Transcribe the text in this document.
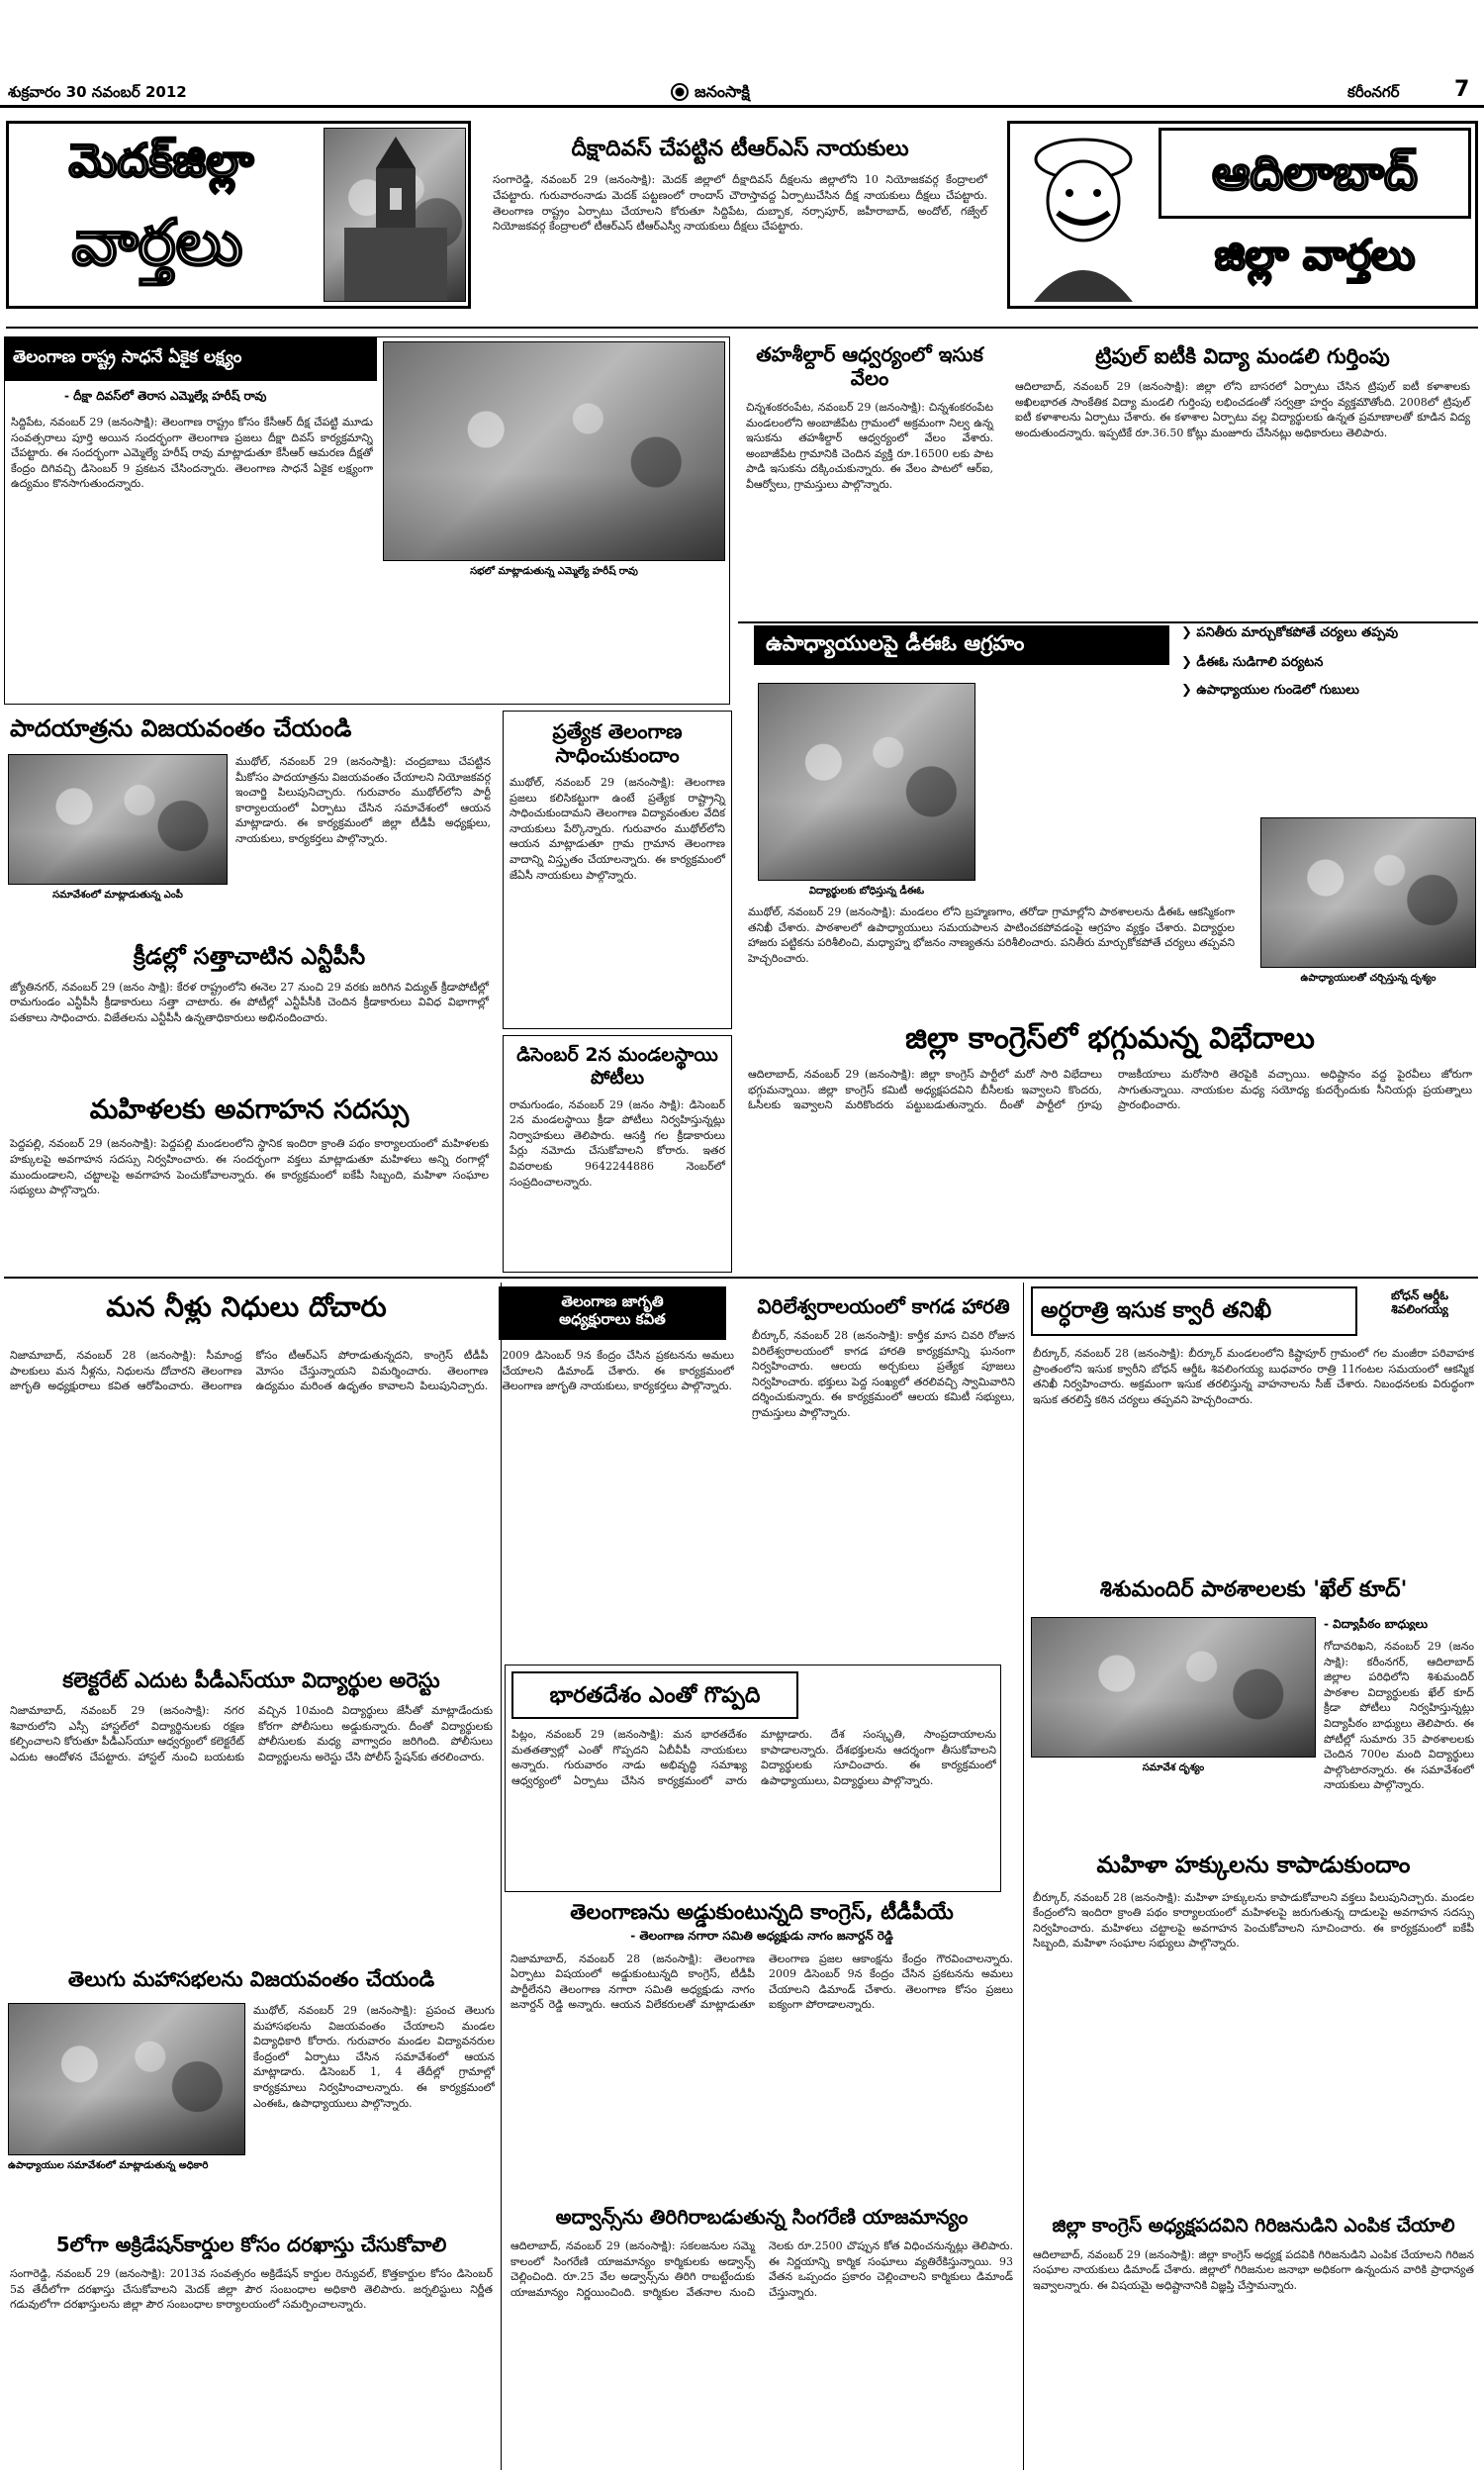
శుక్రవారం 30 నవంబర్ 2012	జనంసాక్షి	కరీంనగర్	7
మెదక్‌జిల్లా
వార్తలు
దీక్షాదివస్ చేపట్టిన టీఆర్ఎస్ నాయకులు
సంగారెడ్డి, నవంబర్ 29 (జనంసాక్షి): మెదక్ జిల్లాలో దీక్షాదివస్ దీక్షలను జిల్లాలోని 10 నియోజకవర్గ కేంద్రాలలో చేపట్టారు. గురువారంనాడు మెదక్ పట్టణంలో రాందాస్ చౌరాస్తావద్ద ఏర్పాటుచేసిన దీక్ష నాయకులు దీక్షలు చేపట్టారు. తెలంగాణ రాష్ట్రం ఏర్పాటు చేయాలని కోరుతూ సిద్దిపేట, దుబ్బాక, నర్సాపూర్, జహీరాబాద్, అందోల్, గజ్వేల్ నియోజకవర్గ కేంద్రాలలో టీఆర్ఎస్ టీఆర్ఎస్వీ నాయకులు దీక్షలు చేపట్టారు.
ఆదిలాబాద్
జిల్లా వార్తలు
తెలంగాణ రాష్ట్ర సాధనే ఏకైక లక్ష్యం
- దీక్షా దివస్‌లో తెరాస ఎమ్మెల్యే హరీష్ రావు
సిద్దిపేట, నవంబర్ 29 (జనంసాక్షి): తెలంగాణ రాష్ట్రం కోసం కేసీఆర్ దీక్ష చేపట్టి మూడు సంవత్సరాలు పూర్తి అయిన సందర్భంగా తెలంగాణ ప్రజలు దీక్షా దివస్ కార్యక్రమాన్ని చేపట్టారు. ఈ సందర్భంగా ఎమ్మెల్యే హరీష్ రావు మాట్లాడుతూ కేసీఆర్ ఆమరణ దీక్షతో కేంద్రం దిగివచ్చి డిసెంబర్ 9 ప్రకటన చేసిందన్నారు. తెలంగాణ సాధనే ఏకైక లక్ష్యంగా ఉద్యమం కొనసాగుతుందన్నారు.
సభలో మాట్లాడుతున్న ఎమ్మెల్యే హరీష్ రావు
తహశీల్దార్ ఆధ్వర్యంలో ఇసుక వేలం
చిన్నశంకరంపేట, నవంబర్ 29 (జనంసాక్షి): చిన్నశంకరంపేట మండలంలోని అంబాజీపేట గ్రామంలో అక్రమంగా నిల్వ ఉన్న ఇసుకను తహశీల్దార్ ఆధ్వర్యంలో వేలం వేశారు. అంబాజీపేట గ్రామానికి చెందిన వ్యక్తి రూ.16500 లకు పాట పాడి ఇసుకను దక్కించుకున్నారు. ఈ వేలం పాటలో ఆర్ఐ, వీఆర్వోలు, గ్రామస్తులు పాల్గొన్నారు.
ట్రిపుల్ ఐటీకి విద్యా మండలి గుర్తింపు
ఆదిలాబాద్, నవంబర్ 29 (జనంసాక్షి): జిల్లా లోని బాసరలో ఏర్పాటు చేసిన ట్రిపుల్ ఐటీ కళాశాలకు అఖిలభారత సాంకేతిక విద్యా మండలి గుర్తింపు లభించడంతో సర్వత్రా హర్షం వ్యక్తమౌతోంది. 2008లో ట్రిపుల్ ఐటీ కళాశాలను ఏర్పాటు చేశారు. ఈ కళాశాల ఏర్పాటు వల్ల విద్యార్థులకు ఉన్నత ప్రమాణాలతో కూడిన విద్య అందుతుందన్నారు. ఇప్పటికే రూ.36.50 కోట్లు మంజూరు చేసినట్లు అధికారులు తెలిపారు.
ఉపాధ్యాయులపై డీఈఓ ఆగ్రహం	❯ పనితీరు మార్చుకోకపోతే చర్యలు తప్పవు
❯ డీఈఓ సుడిగాలి పర్యటన
❯ ఉపాధ్యాయుల గుండెలో గుబులు
విద్యార్థులకు బోధిస్తున్న డీఈఓ
ముథోల్, నవంబర్ 29 (జనంసాక్షి): మండలం లోని బ్రహ్మణగాం, తరోడా గ్రామాల్లోని పాఠశాలలను డీఈఓ ఆకస్మికంగా తనిఖీ చేశారు. పాఠశాలలో ఉపాధ్యాయులు సమయపాలన పాటించకపోవడంపై ఆగ్రహం వ్యక్తం చేశారు. విద్యార్థుల హాజరు పట్టికను పరిశీలించి, మధ్యాహ్న భోజనం నాణ్యతను పరిశీలించారు. పనితీరు మార్చుకోకపోతే చర్యలు తప్పవని హెచ్చరించారు.
ఉపాధ్యాయులతో చర్చిస్తున్న దృశ్యం
పాదయాత్రను విజయవంతం చేయండి
సమావేశంలో మాట్లాడుతున్న ఎంపీ
ముథోల్, నవంబర్ 29 (జనంసాక్షి): చంద్రబాబు చేపట్టిన మీకోసం పాదయాత్రను విజయవంతం చేయాలని నియోజకవర్గ ఇంచార్జి పిలుపునిచ్చారు. గురువారం ముథోల్‌లోని పార్టీ కార్యాలయంలో ఏర్పాటు చేసిన సమావేశంలో ఆయన మాట్లాడారు. ఈ కార్యక్రమంలో జిల్లా టీడీపీ అధ్యక్షులు, నాయకులు, కార్యకర్తలు పాల్గొన్నారు.
ప్రత్యేక తెలంగాణ సాధించుకుందాం
ముథోల్, నవంబర్ 29 (జనంసాక్షి): తెలంగాణ ప్రజలు కలిసికట్టుగా ఉంటే ప్రత్యేక రాష్ట్రాన్ని సాధించుకుందామని తెలంగాణ విద్యావంతుల వేదిక నాయకులు పేర్కొన్నారు. గురువారం ముథోల్‌లోని ఆయన మాట్లాడుతూ గ్రామ గ్రామాన తెలంగాణ వాదాన్ని విస్తృతం చేయాలన్నారు. ఈ కార్యక్రమంలో జేఏసీ నాయకులు పాల్గొన్నారు.
క్రీడల్లో సత్తాచాటిన ఎన్టీపీసీ
జ్యోతినగర్, నవంబర్ 29 (జనం సాక్షి): కేరళ రాష్ట్రంలోని ఈనెల 27 నుంచి 29 వరకు జరిగిన విద్యుత్ క్రీడాపోటీల్లో రామగుండం ఎన్టీపీసీ క్రీడాకారులు సత్తా చాటారు. ఈ పోటీల్లో ఎన్టీపీసీకి చెందిన క్రీడాకారులు వివిధ విభాగాల్లో పతకాలు సాధించారు. విజేతలను ఎన్టీపీసీ ఉన్నతాధికారులు అభినందించారు.
డిసెంబర్ 2న మండలస్థాయి పోటీలు
రామగుండం, నవంబర్ 29 (జనం సాక్షి): డిసెంబర్ 2న మండలస్థాయి క్రీడా పోటీలు నిర్వహిస్తున్నట్లు నిర్వాహకులు తెలిపారు. ఆసక్తి గల క్రీడాకారులు పేర్లు నమోదు చేసుకోవాలని కోరారు. ఇతర వివరాలకు 9642244886 నెంబర్‌లో సంప్రదించాలన్నారు.
జిల్లా కాంగ్రెస్‌లో భగ్గుమన్న విభేదాలు
ఆదిలాబాద్, నవంబర్ 29 (జనంసాక్షి): జిల్లా కాంగ్రెస్ పార్టీలో మరో సారి విభేదాలు భగ్గుమన్నాయి. జిల్లా కాంగ్రెస్ కమిటీ అధ్యక్షపదవిని బీసీలకు ఇవ్వాలని కొందరు, ఓసీలకు ఇవ్వాలని మరికొందరు పట్టుబడుతున్నారు. దీంతో పార్టీలో గ్రూపు రాజకీయాలు మరోసారి తెరపైకి వచ్చాయి. అధిష్టానం వద్ద పైరవీలు జోరుగా సాగుతున్నాయి. నాయకుల మధ్య సయోధ్య కుదర్చేందుకు సీనియర్లు ప్రయత్నాలు ప్రారంభించారు.
మహిళలకు అవగాహన సదస్సు
పెద్దపల్లి, నవంబర్ 29 (జనంసాక్షి): పెద్దపల్లి మండలంలోని స్థానిక ఇందిరా క్రాంతి పథం కార్యాలయంలో మహిళలకు హక్కులపై అవగాహన సదస్సు నిర్వహించారు. ఈ సందర్భంగా వక్తలు మాట్లాడుతూ మహిళలు అన్ని రంగాల్లో ముందుండాలని, చట్టాలపై అవగాహన పెంచుకోవాలన్నారు. ఈ కార్యక్రమంలో ఐకేపీ సిబ్బంది, మహిళా సంఘాల సభ్యులు పాల్గొన్నారు.
మన నీళ్లు నిధులు దోచారు	తెలంగాణ జాగృతి
అధ్యక్షురాలు కవిత
నిజామాబాద్, నవంబర్ 28 (జనంసాక్షి): సీమాంధ్ర పాలకులు మన నీళ్లను, నిధులను దోచారని తెలంగాణ జాగృతి అధ్యక్షురాలు కవిత ఆరోపించారు. తెలంగాణ కోసం టీఆర్ఎస్ పోరాడుతున్నదని, కాంగ్రెస్ టీడీపీ మోసం చేస్తున్నాయని విమర్శించారు. తెలంగాణ ఉద్యమం మరింత ఉధృతం కావాలని పిలుపునిచ్చారు. 2009 డిసెంబర్ 9న కేంద్రం చేసిన ప్రకటనను అమలు చేయాలని డిమాండ్ చేశారు. ఈ కార్యక్రమంలో తెలంగాణ జాగృతి నాయకులు, కార్యకర్తలు పాల్గొన్నారు.
విరిలేశ్వరాలయంలో కాగడ హారతి
బీర్కూర్, నవంబర్ 28 (జనంసాక్షి): కార్తీక మాస చివరి రోజున విరిలేశ్వరాలయంలో కాగడ హారతి కార్యక్రమాన్ని ఘనంగా నిర్వహించారు. ఆలయ అర్చకులు ప్రత్యేక పూజలు నిర్వహించారు. భక్తులు పెద్ద సంఖ్యలో తరలివచ్చి స్వామివారిని దర్శించుకున్నారు. ఈ కార్యక్రమంలో ఆలయ కమిటీ సభ్యులు, గ్రామస్తులు పాల్గొన్నారు.
అర్ధరాత్రి ఇసుక క్వారీ తనిఖీ
బోధన్ ఆర్డీఓ
శివలింగయ్య
బీర్కూర్, నవంబర్ 28 (జనంసాక్షి): బీర్కూర్ మండలంలోని కిష్టాపూర్ గ్రామంలో గల మంజీరా పరివాహక ప్రాంతంలోని ఇసుక క్వారీని బోధన్ ఆర్డీఓ శివలింగయ్య బుధవారం రాత్రి 11గంటల సమయంలో ఆకస్మిక తనిఖీ నిర్వహించారు. అక్రమంగా ఇసుక తరలిస్తున్న వాహనాలను సీజ్ చేశారు. నిబంధనలకు విరుద్ధంగా ఇసుక తరలిస్తే కఠిన చర్యలు తప్పవని హెచ్చరించారు.
శిశుమందిర్ పాఠశాలలకు 'ఖేల్ కూద్'
- విద్యాపీఠం బాధ్యులు
సమావేశ దృశ్యం
గోదావరిఖని, నవంబర్ 29 (జనం సాక్షి): కరీంనగర్, ఆదిలాబాద్ జిల్లాల పరిధిలోని శిశుమందిర్ పాఠశాల విద్యార్థులకు ఖేల్ కూద్ క్రీడా పోటీలు నిర్వహిస్తున్నట్లు విద్యాపీఠం బాధ్యులు తెలిపారు. ఈ పోటీల్లో సుమారు 35 పాఠశాలలకు చెందిన 700ల మంది విద్యార్థులు పాల్గొంటారన్నారు. ఈ సమావేశంలో నాయకులు పాల్గొన్నారు.
కలెక్టరేట్ ఎదుట పీడీఎస్‌యూ విద్యార్థుల అరెస్టు
నిజామాబాద్, నవంబర్ 29 (జనంసాక్షి): నగర శివారులోని ఎస్సీ హాస్టల్‌లో విద్యార్థినులకు రక్షణ కల్పించాలని కోరుతూ పీడీఎస్‌యూ ఆధ్వర్యంలో కలెక్టరేట్ ఎదుట ఆందోళన చేపట్టారు. హాస్టల్ నుంచి బయటకు వచ్చిన 10మంది విద్యార్థులు జేసీతో మాట్లాడేందుకు కోరగా పోలీసులు అడ్డుకున్నారు. దీంతో విద్యార్థులకు పోలీసులకు మధ్య వాగ్వాదం జరిగింది. పోలీసులు విద్యార్థులను అరెస్టు చేసి పోలీస్ స్టేషన్‌కు తరలించారు.
భారతదేశం ఎంతో గొప్పది
పిట్లం, నవంబర్ 29 (జనంసాక్షి): మన భారతదేశం మతతత్వాల్లో ఎంతో గొప్పదని ఏబీవీపీ నాయకులు అన్నారు. గురువారం నాడు అభివృద్ధి సమాఖ్య ఆధ్వర్యంలో ఏర్పాటు చేసిన కార్యక్రమంలో వారు మాట్లాడారు. దేశ సంస్కృతి, సాంప్రదాయాలను కాపాడాలన్నారు. దేశభక్తులను ఆదర్శంగా తీసుకోవాలని విద్యార్థులకు సూచించారు. ఈ కార్యక్రమంలో ఉపాధ్యాయులు, విద్యార్థులు పాల్గొన్నారు.
తెలుగు మహాసభలను విజయవంతం చేయండి
ఉపాధ్యాయుల సమావేశంలో మాట్లాడుతున్న అధికారి
ముథోల్, నవంబర్ 29 (జనంసాక్షి): ప్రపంచ తెలుగు మహాసభలను విజయవంతం చేయాలని మండల విద్యాధికారి కోరారు. గురువారం మండల విద్యావనరుల కేంద్రంలో ఏర్పాటు చేసిన సమావేశంలో ఆయన మాట్లాడారు. డిసెంబర్ 1, 4 తేదీల్లో గ్రామాల్లో కార్యక్రమాలు నిర్వహించాలన్నారు. ఈ కార్యక్రమంలో ఎంఈఓ, ఉపాధ్యాయులు పాల్గొన్నారు.
తెలంగాణను అడ్డుకుంటున్నది కాంగ్రెస్, టీడీపీయే
- తెలంగాణ నగారా సమితి అధ్యక్షుడు నాగం జనార్దన్ రెడ్డి
నిజామాబాద్, నవంబర్ 28 (జనంసాక్షి): తెలంగాణ ఏర్పాటు విషయంలో అడ్డుకుంటున్నది కాంగ్రెస్, టీడీపీ పార్టీలేనని తెలంగాణ నగారా సమితి అధ్యక్షుడు నాగం జనార్దన్ రెడ్డి అన్నారు. ఆయన విలేకరులతో మాట్లాడుతూ తెలంగాణ ప్రజల ఆకాంక్షను కేంద్రం గౌరవించాలన్నారు. 2009 డిసెంబర్ 9న కేంద్రం చేసిన ప్రకటనను అమలు చేయాలని డిమాండ్ చేశారు. తెలంగాణ కోసం ప్రజలు ఐక్యంగా పోరాడాలన్నారు.
మహిళా హక్కులను కాపాడుకుందాం
బీర్కూర్, నవంబర్ 28 (జనంసాక్షి): మహిళా హక్కులను కాపాడుకోవాలని వక్తలు పిలుపునిచ్చారు. మండల కేంద్రంలోని ఇందిరా క్రాంతి పథం కార్యాలయంలో మహిళలపై జరుగుతున్న దాడులపై అవగాహన సదస్సు నిర్వహించారు. మహిళలు చట్టాలపై అవగాహన పెంచుకోవాలని సూచించారు. ఈ కార్యక్రమంలో ఐకేపీ సిబ్బంది, మహిళా సంఘాల సభ్యులు పాల్గొన్నారు.
అద్వాన్స్‌ను తిరిగిరాబడుతున్న సింగరేణి యాజమాన్యం
ఆదిలాబాద్, నవంబర్ 29 (జనంసాక్షి): సకలజనుల సమ్మె కాలంలో సింగరేణి యాజమాన్యం కార్మికులకు అడ్వాన్స్ చెల్లించింది. రూ.25 వేల అడ్వాన్స్‌ను తిరిగి రాబట్టేందుకు యాజమాన్యం నిర్ణయించింది. కార్మికుల వేతనాల నుంచి నెలకు రూ.2500 చొప్పున కోత విధించనున్నట్లు తెలిపారు. ఈ నిర్ణయాన్ని కార్మిక సంఘాలు వ్యతిరేకిస్తున్నాయి. 93 వేతన ఒప్పందం ప్రకారం చెల్లించాలని కార్మికులు డిమాండ్ చేస్తున్నారు.
5లోగా అక్రిడేషన్‌కార్డుల కోసం దరఖాస్తు చేసుకోవాలి
సంగారెడ్డి, నవంబర్ 29 (జనంసాక్షి): 2013వ సంవత్సరం అక్రిడేషన్ కార్డుల రెన్యువల్, కొత్తకార్డుల కోసం డిసెంబర్ 5వ తేదీలోగా దరఖాస్తు చేసుకోవాలని మెదక్ జిల్లా పౌర సంబంధాల అధికారి తెలిపారు. జర్నలిస్టులు నిర్ణీత గడువులోగా దరఖాస్తులను జిల్లా పౌర సంబంధాల కార్యాలయంలో సమర్పించాలన్నారు.
జిల్లా కాంగ్రెస్ అధ్యక్షపదవిని గిరిజనుడిని ఎంపిక చేయాలి
ఆదిలాబాద్, నవంబర్ 29 (జనంసాక్షి): జిల్లా కాంగ్రెస్ అధ్యక్ష పదవికి గిరిజనుడిని ఎంపిక చేయాలని గిరిజన సంఘాల నాయకులు డిమాండ్ చేశారు. జిల్లాలో గిరిజనుల జనాభా అధికంగా ఉన్నందున వారికి ప్రాధాన్యత ఇవ్వాలన్నారు. ఈ విషయమై అధిష్టానానికి విజ్ఞప్తి చేస్తామన్నారు.
